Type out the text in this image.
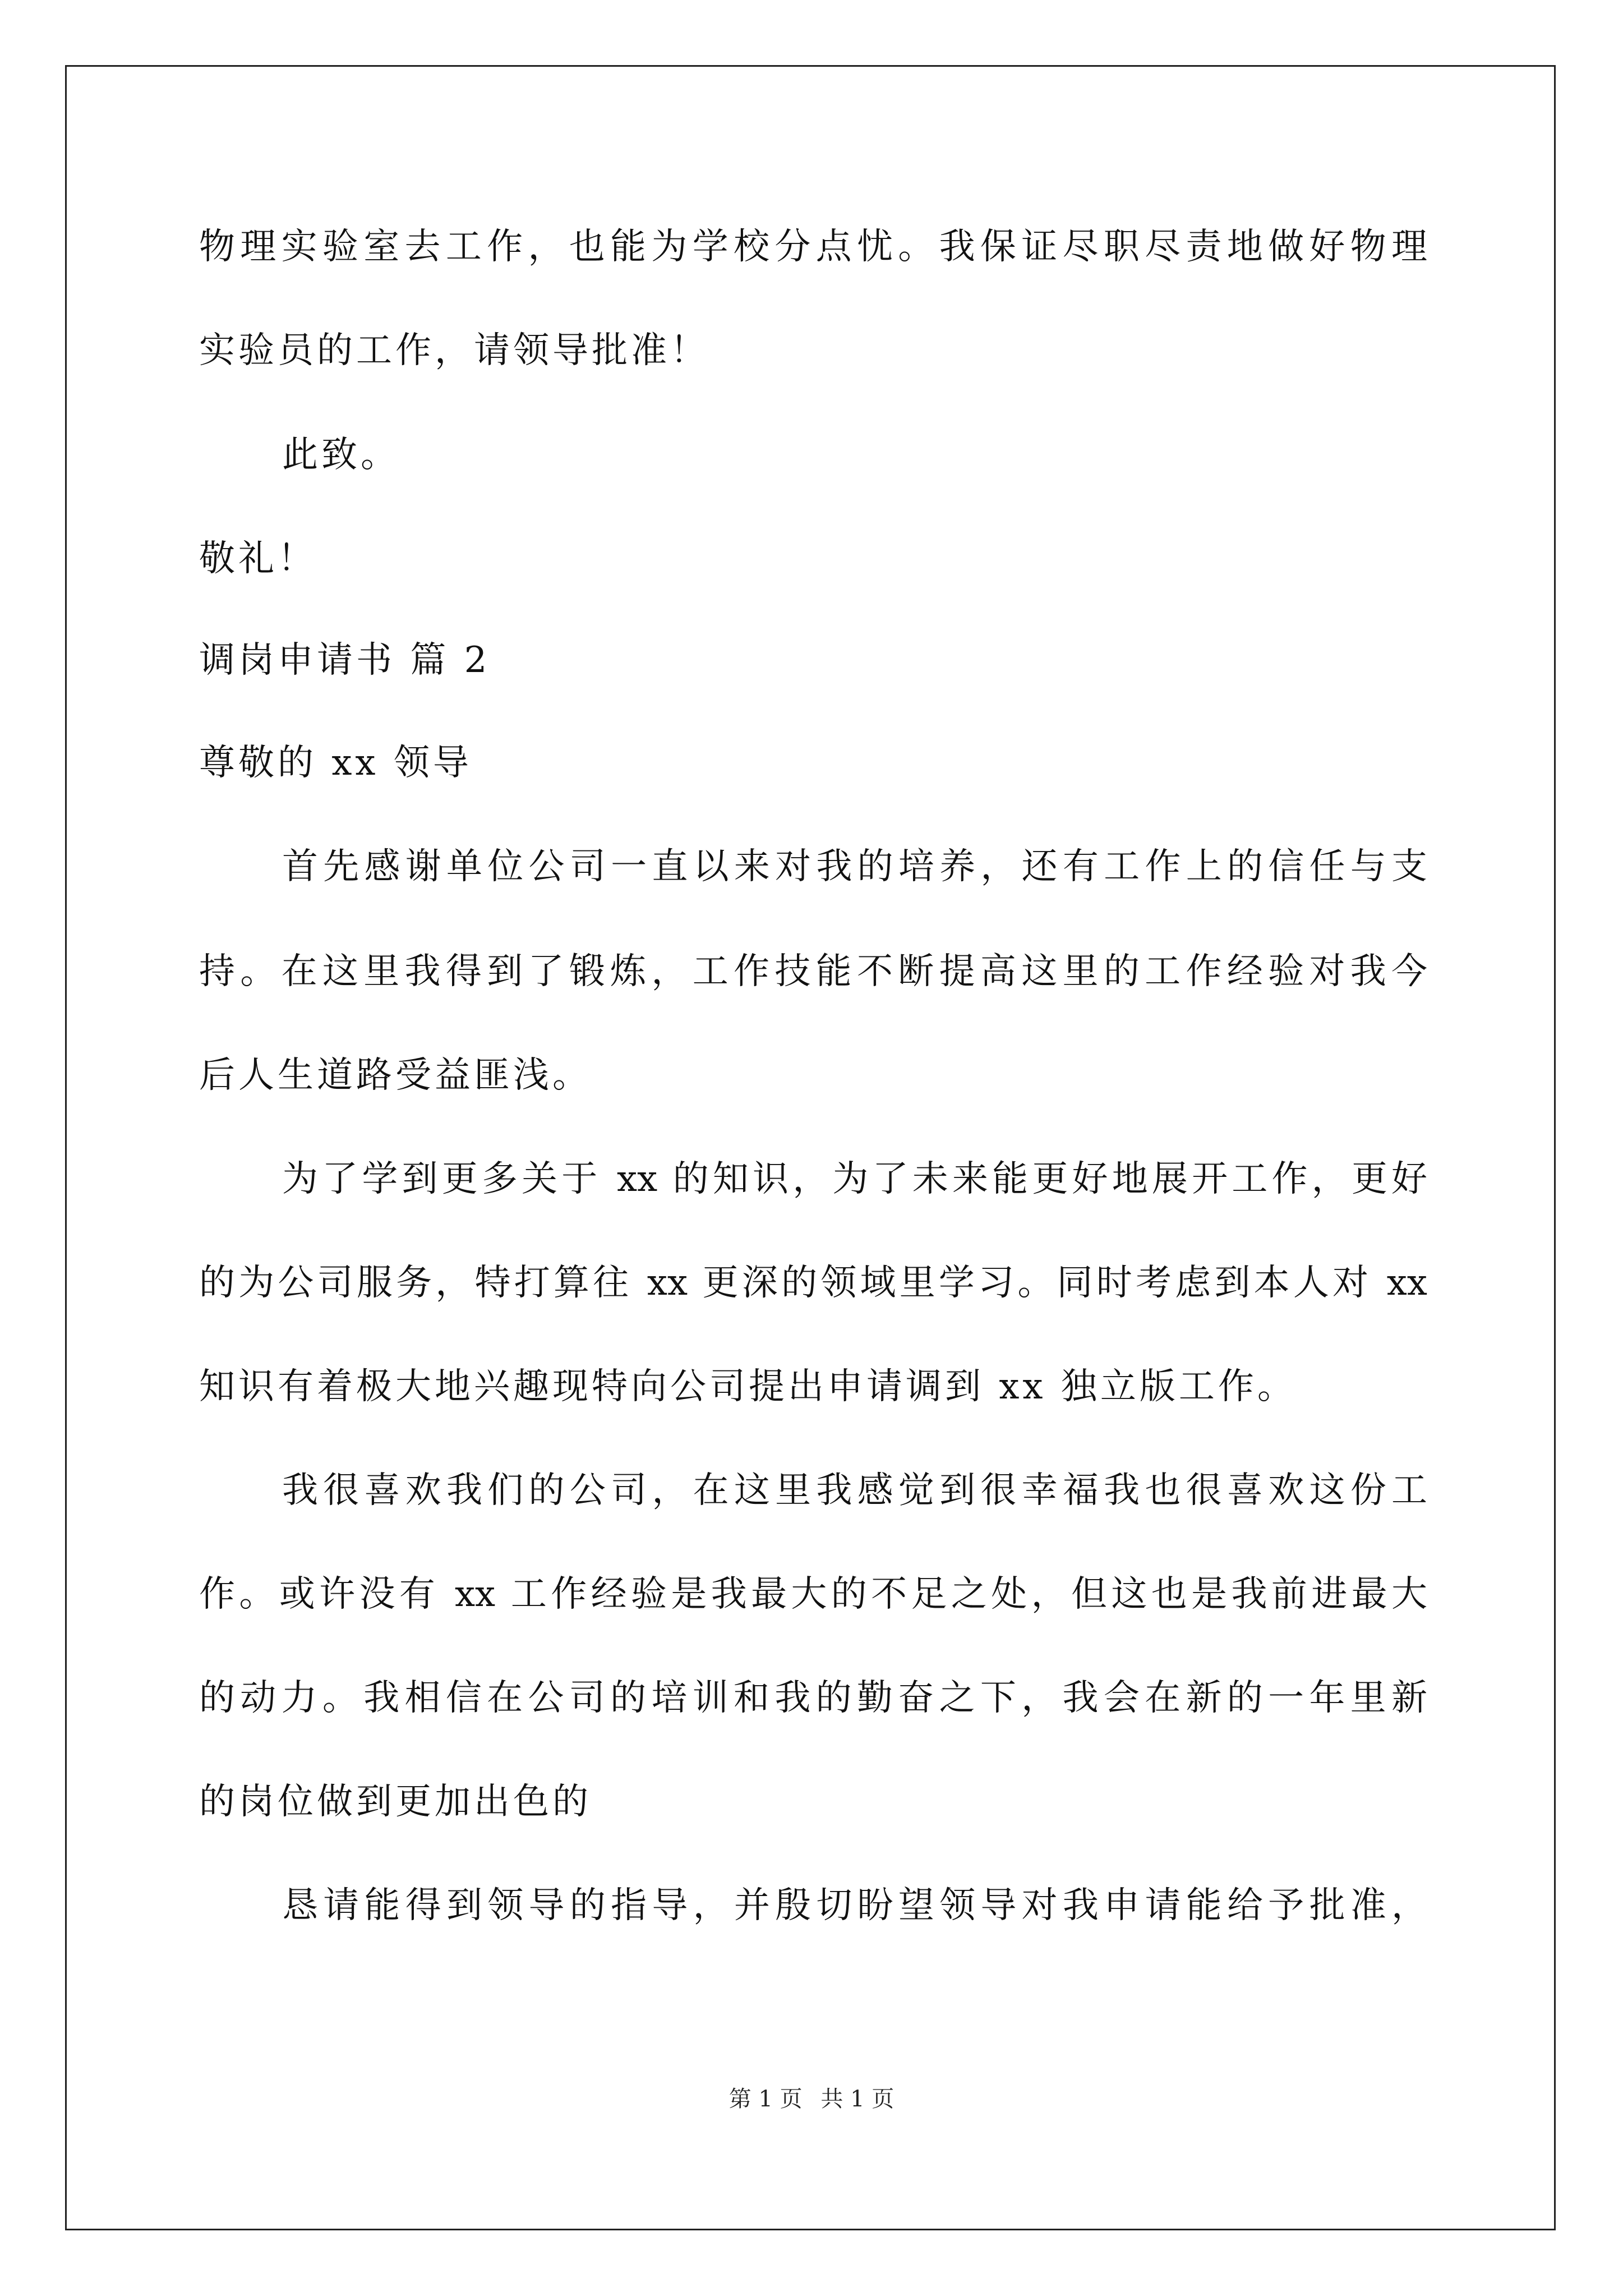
物理实验室去工作，也能为学校分点忧。我保证尽职尽责地做好物理
实验员的工作，请领导批准！
此致。
敬礼！
调岗申请书 篇 2
尊敬的 xx 领导
首先感谢单位公司一直以来对我的培养，还有工作上的信任与支
持。在这里我得到了锻炼，工作技能不断提高这里的工作经验对我今
后人生道路受益匪浅。
为了学到更多关于 xx 的知识，为了未来能更好地展开工作，更好
的为公司服务，特打算往 xx 更深的领域里学习。同时考虑到本人对 xx
知识有着极大地兴趣现特向公司提出申请调到 xx 独立版工作。
我很喜欢我们的公司，在这里我感觉到很幸福我也很喜欢这份工
作。或许没有 xx 工作经验是我最大的不足之处，但这也是我前进最大
的动力。我相信在公司的培训和我的勤奋之下，我会在新的一年里新
的岗位做到更加出色的
恳请能得到领导的指导，并殷切盼望领导对我申请能给予批准，
第 1 页 共 1 页
